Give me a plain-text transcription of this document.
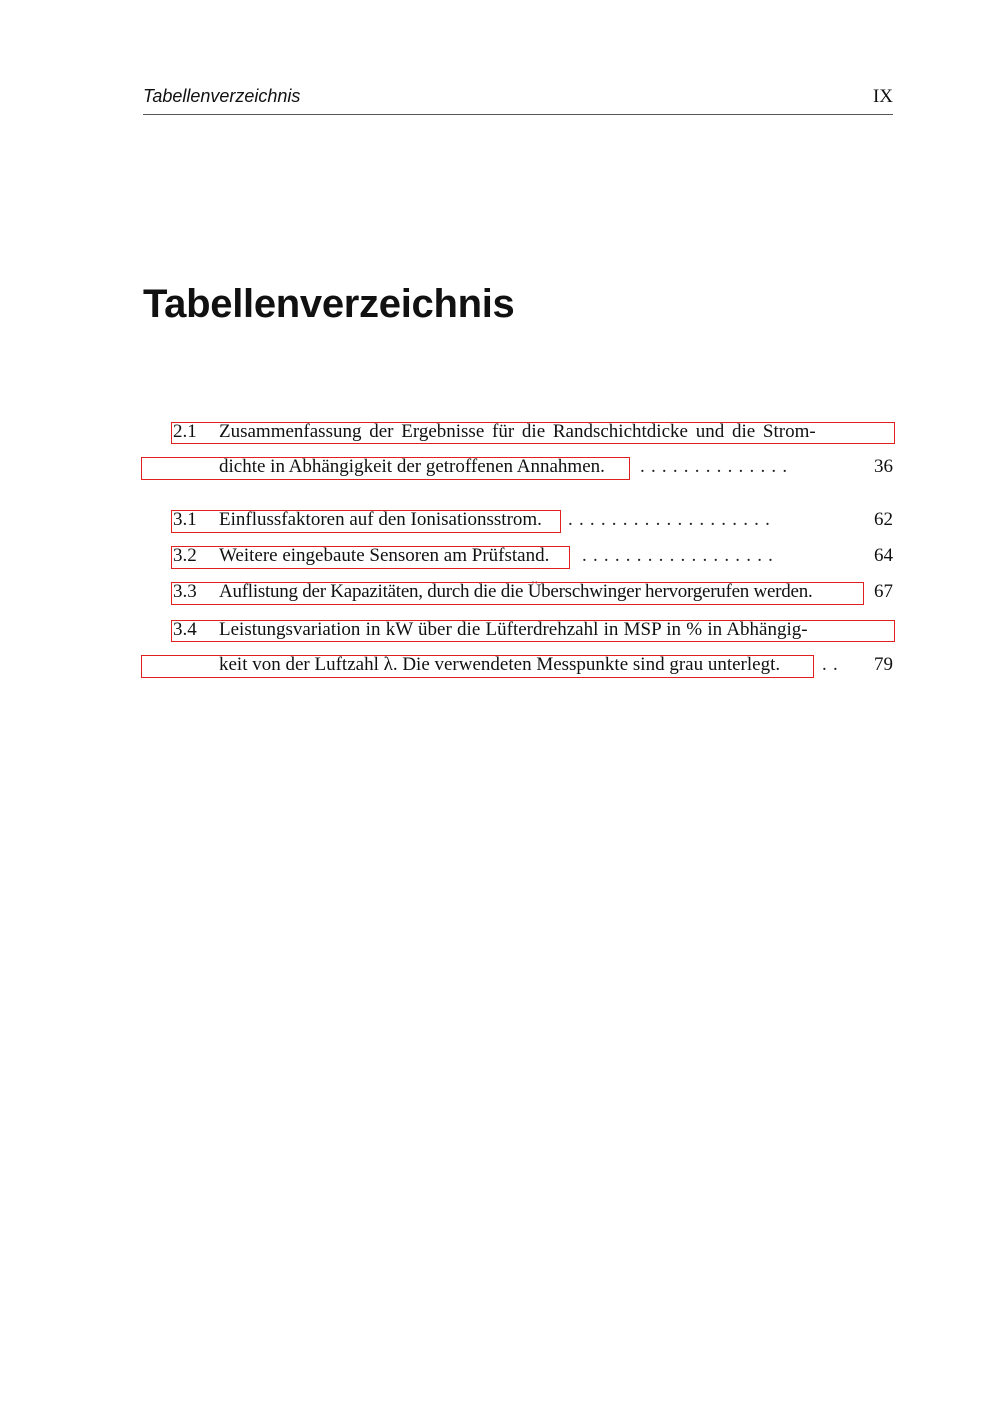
Tabellenverzeichnis	IX
Tabellenverzeichnis
2.1 Zusammenfassung der Ergebnisse für die Randschichtdicke und die Strom-
dichte in Abhängigkeit der getroffenen Annahmen. ..............	36
3.1 Einflussfaktoren auf den Ionisationsstrom. ...................	62
3.2 Weitere eingebaute Sensoren am Prüfstand. ..................	64
3.3 Auflistung der Kapazitäten, durch die die Überschwinger hervorgerufen werden.	67
3.4 Leistungsvariation in kW über die Lüfterdrehzahl in MSP in % in Abhängig-
keit von der Luftzahl λ. Die verwendeten Messpunkte sind grau unterlegt. .. 79
